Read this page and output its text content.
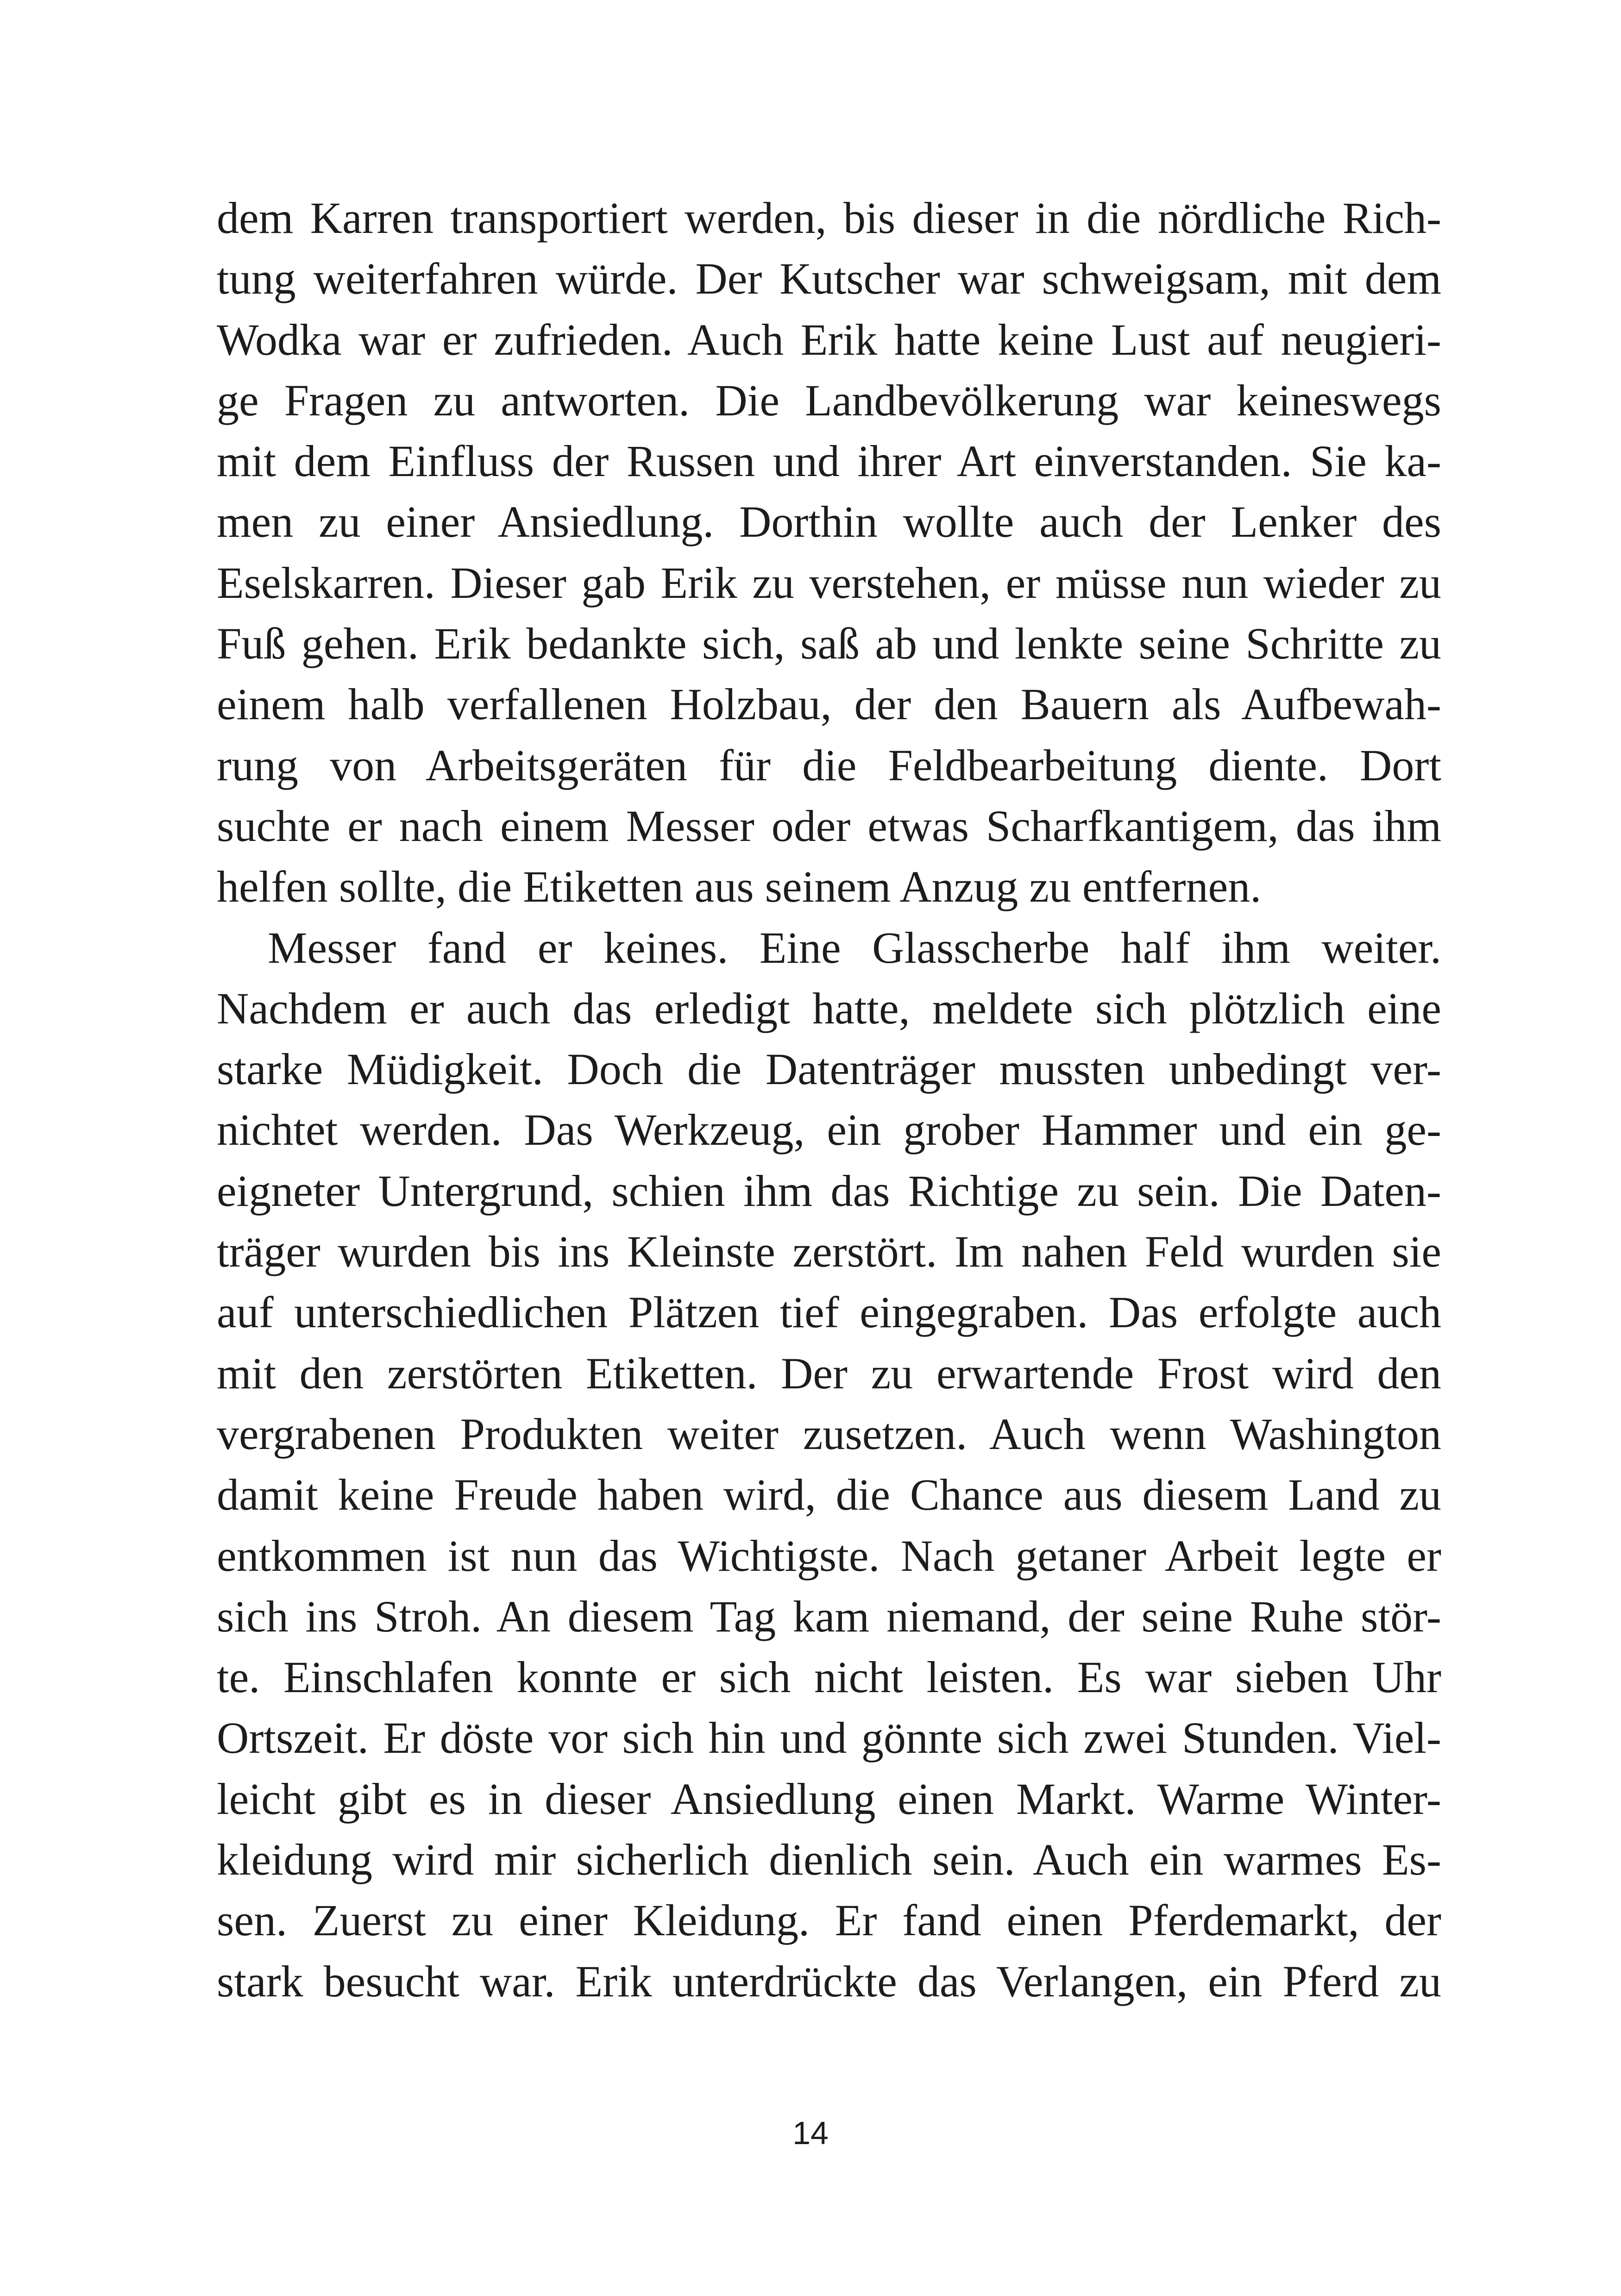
dem Karren transportiert werden, bis dieser in die nördliche Rich-
tung weiterfahren würde. Der Kutscher war schweigsam, mit dem
Wodka war er zufrieden. Auch Erik hatte keine Lust auf neugieri-
ge Fragen zu antworten. Die Landbevölkerung war keineswegs
mit dem Einfluss der Russen und ihrer Art einverstanden. Sie ka-
men zu einer Ansiedlung. Dorthin wollte auch der Lenker des
Eselskarren. Dieser gab Erik zu verstehen, er müsse nun wieder zu
Fuß gehen. Erik bedankte sich, saß ab und lenkte seine Schritte zu
einem halb verfallenen Holzbau, der den Bauern als Aufbewah-
rung von Arbeitsgeräten für die Feldbearbeitung diente. Dort
suchte er nach einem Messer oder etwas Scharfkantigem, das ihm
helfen sollte, die Etiketten aus seinem Anzug zu entfernen.
Messer fand er keines. Eine Glasscherbe half ihm weiter.
Nachdem er auch das erledigt hatte, meldete sich plötzlich eine
starke Müdigkeit. Doch die Datenträger mussten unbedingt ver-
nichtet werden. Das Werkzeug, ein grober Hammer und ein ge-
eigneter Untergrund, schien ihm das Richtige zu sein. Die Daten-
träger wurden bis ins Kleinste zerstört. Im nahen Feld wurden sie
auf unterschiedlichen Plätzen tief eingegraben. Das erfolgte auch
mit den zerstörten Etiketten. Der zu erwartende Frost wird den
vergrabenen Produkten weiter zusetzen. Auch wenn Washington
damit keine Freude haben wird, die Chance aus diesem Land zu
entkommen ist nun das Wichtigste. Nach getaner Arbeit legte er
sich ins Stroh. An diesem Tag kam niemand, der seine Ruhe stör-
te. Einschlafen konnte er sich nicht leisten. Es war sieben Uhr
Ortszeit. Er döste vor sich hin und gönnte sich zwei Stunden. Viel-
leicht gibt es in dieser Ansiedlung einen Markt. Warme Winter-
kleidung wird mir sicherlich dienlich sein. Auch ein warmes Es-
sen. Zuerst zu einer Kleidung. Er fand einen Pferdemarkt, der
stark besucht war. Erik unterdrückte das Verlangen, ein Pferd zu
14
